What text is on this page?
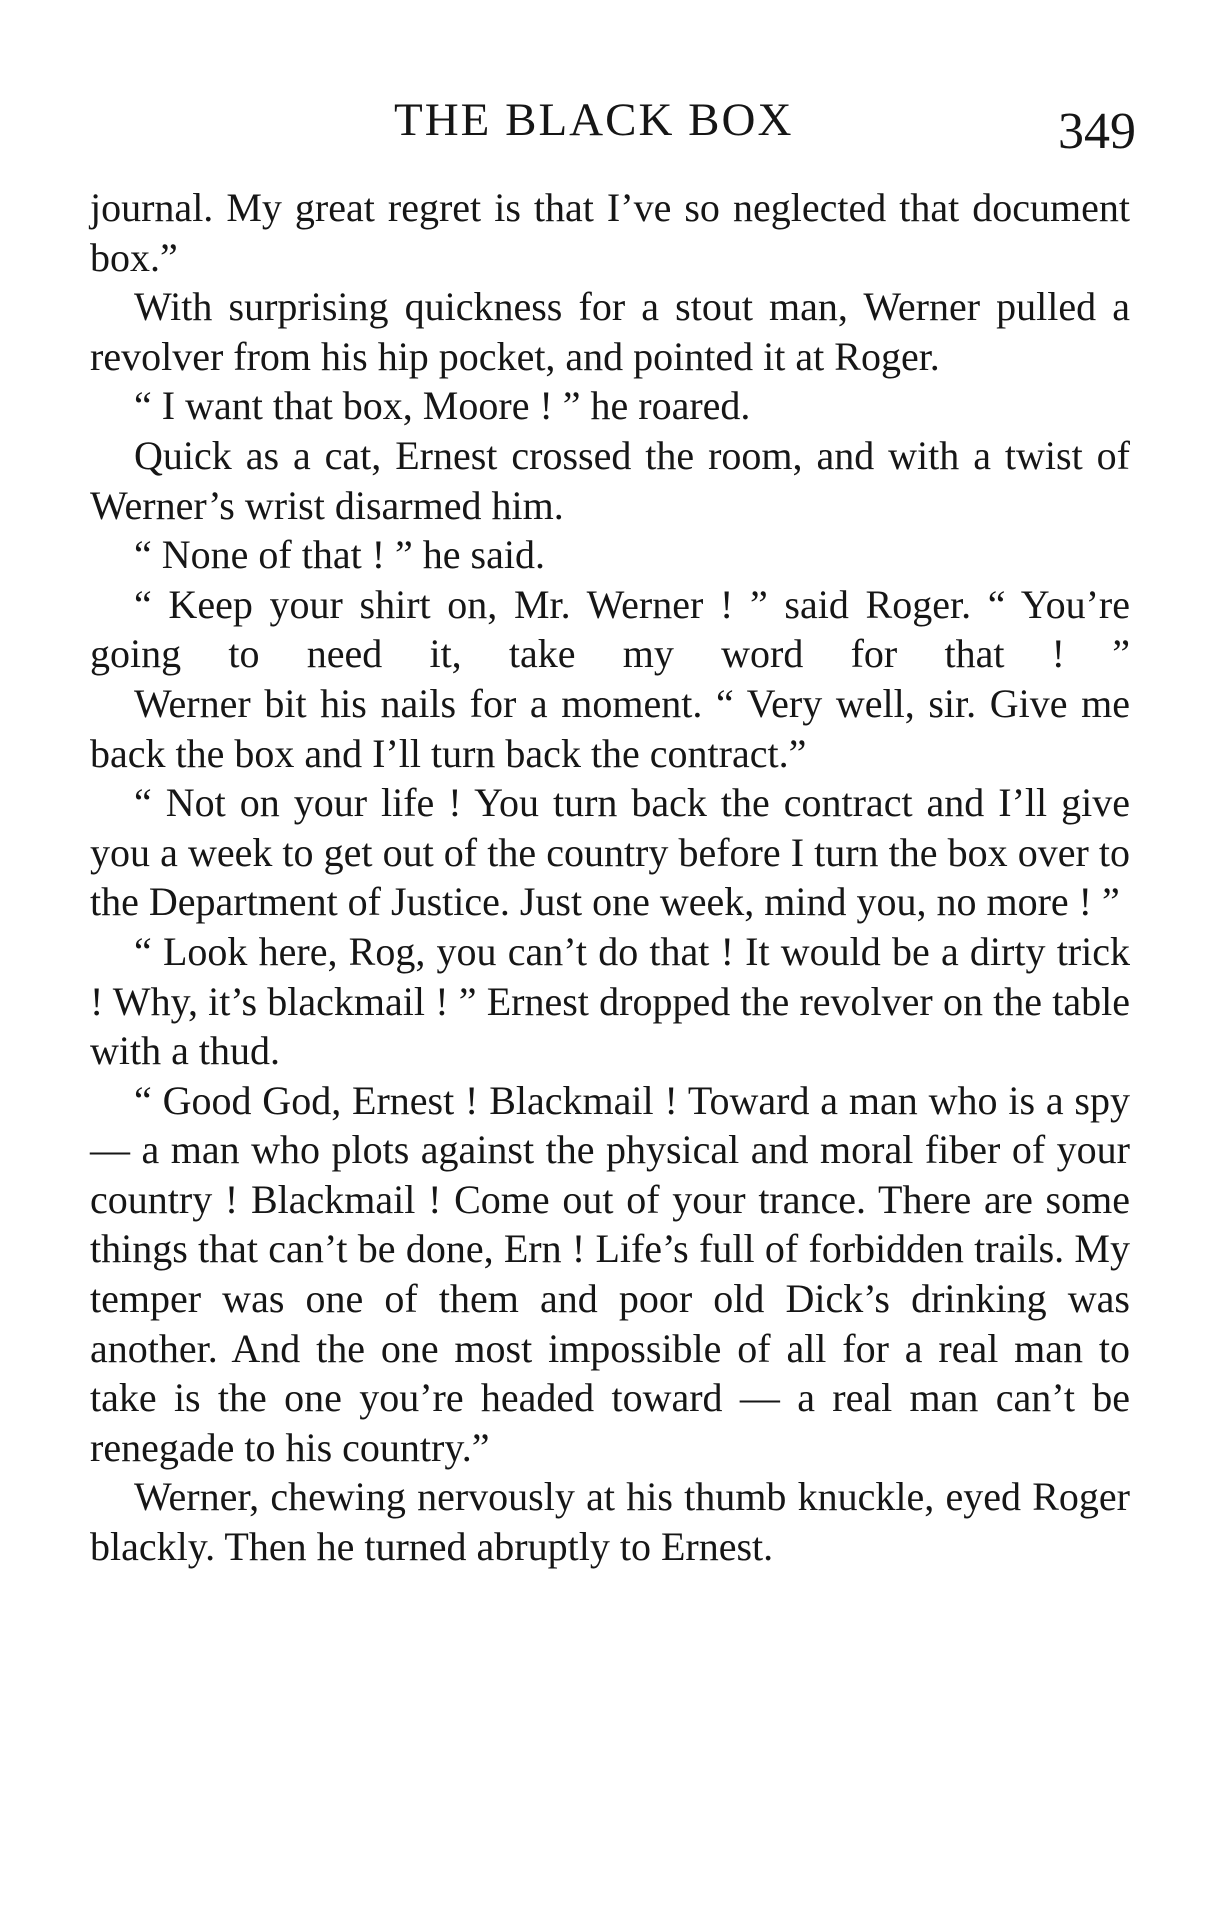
THE BLACK BOX	349

journal. My great regret is that I’ve so neglected that document box.”

With surprising quickness for a stout man, Werner pulled a revolver from his hip pocket, and pointed it at Roger.

“ I want that box, Moore ! ” he roared.

Quick as a cat, Ernest crossed the room, and with a twist of Werner’s wrist disarmed him.

“ None of that ! ” he said.

“ Keep your shirt on, Mr. Werner ! ” said Roger. “ You’re going to need it, take my word for that ! ”

Werner bit his nails for a moment. “ Very well, sir. Give me back the box and I’ll turn back the contract.”

“ Not on your life ! You turn back the contract and I’ll give you a week to get out of the country before I turn the box over to the Department of Justice. Just one week, mind you, no more ! ”

“ Look here, Rog, you can’t do that ! It would be a dirty trick ! Why, it’s blackmail ! ” Ernest dropped the revolver on the table with a thud.

“ Good God, Ernest ! Blackmail ! Toward a man who is a spy — a man who plots against the physical and moral fiber of your country ! Blackmail ! Come out of your trance. There are some things that can’t be done, Ern ! Life’s full of forbidden trails. My temper was one of them and poor old Dick’s drinking was another. And the one most impossible of all for a real man to take is the one you’re headed toward — a real man can’t be renegade to his country.”

Werner, chewing nervously at his thumb knuckle, eyed Roger blackly. Then he turned abruptly to Ernest.
